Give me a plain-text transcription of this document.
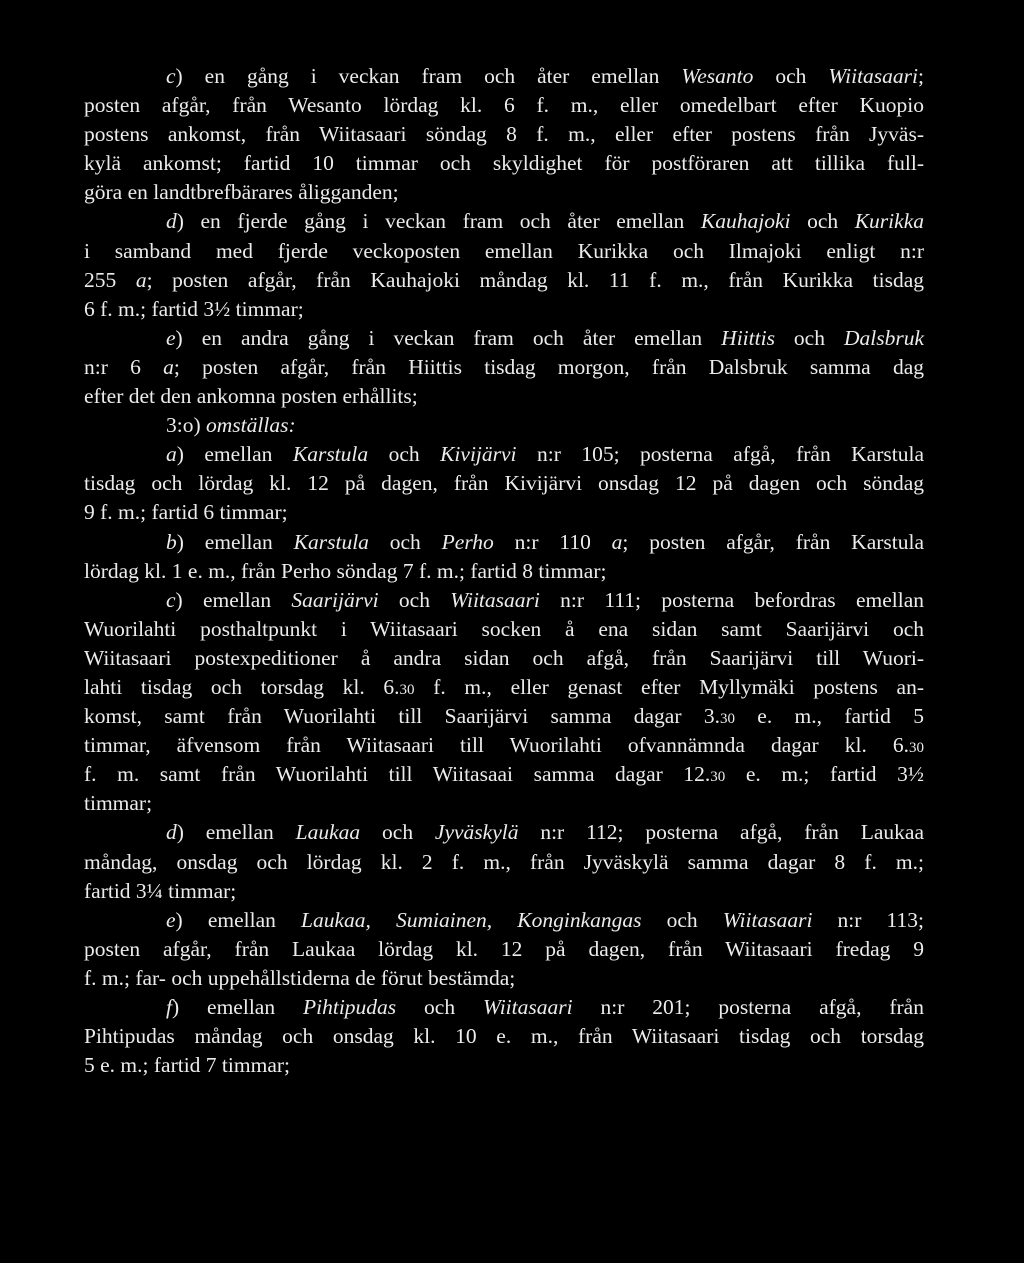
c) en gång i veckan fram och åter emellan Wesanto och Wiitasaari;
posten afgår, från Wesanto lördag kl. 6 f. m., eller omedelbart efter Kuopio
postens ankomst, från Wiitasaari söndag 8 f. m., eller efter postens från Jyväs-
kylä ankomst; fartid 10 timmar och skyldighet för postföraren att tillika full-
göra en landtbrefbärares åligganden;
d) en fjerde gång i veckan fram och åter emellan Kauhajoki och Kurikka
i samband med fjerde veckoposten emellan Kurikka och Ilmajoki enligt n:r
255 a; posten afgår, från Kauhajoki måndag kl. 11 f. m., från Kurikka tisdag
6 f. m.; fartid 3½ timmar;
e) en andra gång i veckan fram och åter emellan Hiittis och Dalsbruk
n:r 6 a; posten afgår, från Hiittis tisdag morgon, från Dalsbruk samma dag
efter det den ankomna posten erhållits;
3:o) omställas:
a) emellan Karstula och Kivijärvi n:r 105; posterna afgå, från Karstula
tisdag och lördag kl. 12 på dagen, från Kivijärvi onsdag 12 på dagen och söndag
9 f. m.; fartid 6 timmar;
b) emellan Karstula och Perho n:r 110 a; posten afgår, från Karstula
lördag kl. 1 e. m., från Perho söndag 7 f. m.; fartid 8 timmar;
c) emellan Saarijärvi och Wiitasaari n:r 111; posterna befordras emellan
Wuorilahti posthaltpunkt i Wiitasaari socken å ena sidan samt Saarijärvi och
Wiitasaari postexpeditioner å andra sidan och afgå, från Saarijärvi till Wuori-
lahti tisdag och torsdag kl. 6.30 f. m., eller genast efter Myllymäki postens an-
komst, samt från Wuorilahti till Saarijärvi samma dagar 3.30 e. m., fartid 5
timmar, äfvensom från Wiitasaari till Wuorilahti ofvannämnda dagar kl. 6.30
f. m. samt från Wuorilahti till Wiitasaai samma dagar 12.30 e. m.; fartid 3½
timmar;
d) emellan Laukaa och Jyväskylä n:r 112; posterna afgå, från Laukaa
måndag, onsdag och lördag kl. 2 f. m., från Jyväskylä samma dagar 8 f. m.;
fartid 3¼ timmar;
e) emellan Laukaa, Sumiainen, Konginkangas och Wiitasaari n:r 113;
posten afgår, från Laukaa lördag kl. 12 på dagen, från Wiitasaari fredag 9
f. m.; far- och uppehållstiderna de förut bestämda;
f) emellan Pihtipudas och Wiitasaari n:r 201; posterna afgå, från
Pihtipudas måndag och onsdag kl. 10 e. m., från Wiitasaari tisdag och torsdag
5 e. m.; fartid 7 timmar;
